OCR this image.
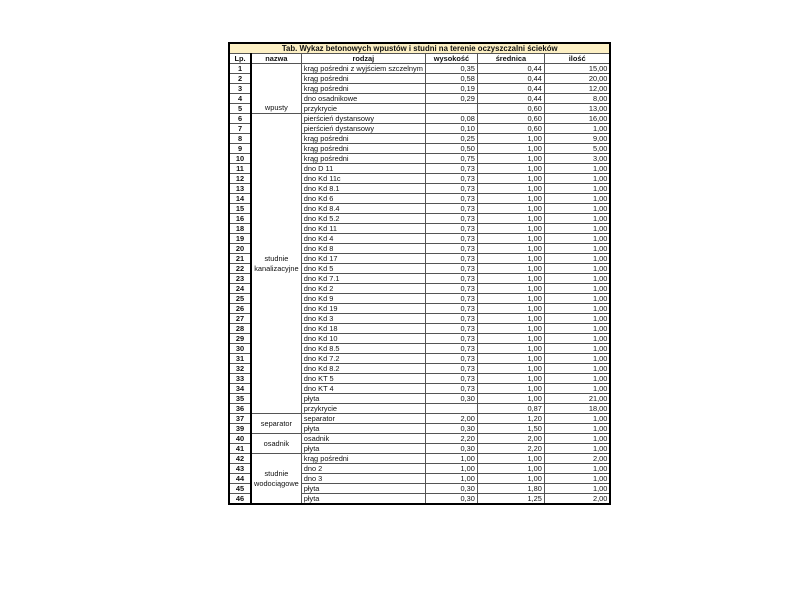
Tab. Wykaz betonowych wpustów i studni na terenie oczyszczalni ścieków					
Lp.	nazwa	rodzaj	wysokość	średnica	ilość
1	wpusty	krąg pośredni z wyjściem szczelnym	0,35	0,44	15,00
2		krąg pośredni	0,58	0,44	20,00
3		krąg pośredni	0,19	0,44	12,00
4		dno osadnikowe	0,29	0,44	8,00
5		przykrycie		0,60	13,00
6	studnie kanalizacyjne	pierścień dystansowy	0,08	0,60	16,00
7		pierścień dystansowy	0,10	0,60	1,00
8		krąg pośredni	0,25	1,00	9,00
9		krąg pośredni	0,50	1,00	5,00
10		krąg pośredni	0,75	1,00	3,00
11		dno D 11	0,73	1,00	1,00
12		dno Kd 11c	0,73	1,00	1,00
13		dno Kd 8.1	0,73	1,00	1,00
14		dno Kd 6	0,73	1,00	1,00
15		dno Kd 8.4	0,73	1,00	1,00
16		dno Kd 5.2	0,73	1,00	1,00
18		dno Kd 11	0,73	1,00	1,00
19		dno Kd 4	0,73	1,00	1,00
20		dno Kd 8	0,73	1,00	1,00
21		dno Kd 17	0,73	1,00	1,00
22		dno Kd 5	0,73	1,00	1,00
23		dno Kd 7.1	0,73	1,00	1,00
24		dno Kd 2	0,73	1,00	1,00
25		dno Kd 9	0,73	1,00	1,00
26		dno Kd 19	0,73	1,00	1,00
27		dno Kd 3	0,73	1,00	1,00
28		dno Kd 18	0,73	1,00	1,00
29		dno Kd 10	0,73	1,00	1,00
30		dno Kd 8.5	0,73	1,00	1,00
31		dno Kd 7.2	0,73	1,00	1,00
32		dno Kd 8.2	0,73	1,00	1,00
33		dno KT 5	0,73	1,00	1,00
34		dno KT 4	0,73	1,00	1,00
35		płyta	0,30	1,00	21,00
36		przykrycie		0,87	18,00
37	separator	separator	2,00	1,20	1,00
39		płyta	0,30	1,50	1,00
40	osadnik	osadnik	2,20	2,00	1,00
41		płyta	0,30	2,20	1,00
42	studnie wodociągowe	krąg pośredni	1,00	1,00	2,00
43		dno 2	1,00	1,00	1,00
44		dno 3	1,00	1,00	1,00
45		płyta	0,30	1,80	1,00
46		płyta	0,30	1,25	2,00
